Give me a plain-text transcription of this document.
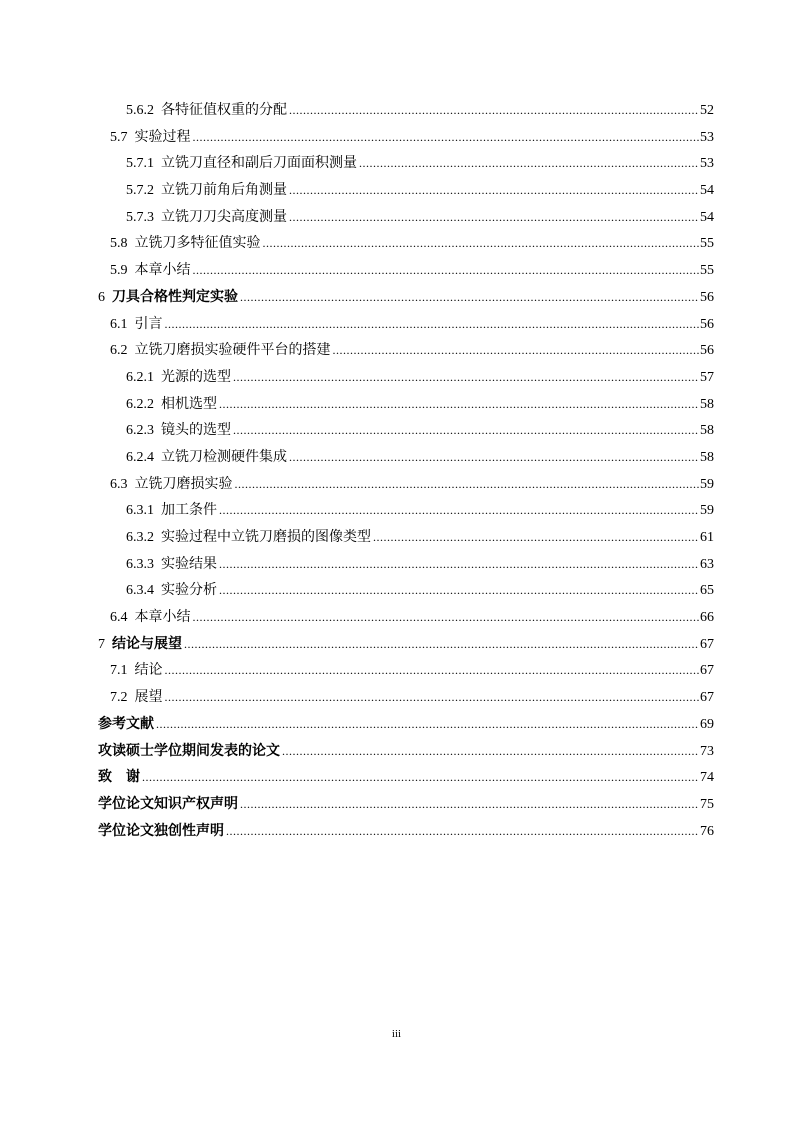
5.6.2 各特征值权重的分配 .....	52
5.7 实验过程 .....	53
5.7.1 立铣刀直径和副后刀面面积测量 .....	53
5.7.2 立铣刀前角后角测量 .....	54
5.7.3 立铣刀刀尖高度测量 .....	54
5.8 立铣刀多特征值实验 .....	55
5.9 本章小结 .....	55
6 刀具合格性判定实验 .....	56
6.1 引言 .....	56
6.2 立铣刀磨损实验硬件平台的搭建 .....	56
6.2.1 光源的选型 .....	57
6.2.2 相机选型 .....	58
6.2.3 镜头的选型 .....	58
6.2.4 立铣刀检测硬件集成 .....	58
6.3 立铣刀磨损实验 .....	59
6.3.1 加工条件 .....	59
6.3.2 实验过程中立铣刀磨损的图像类型 .....	61
6.3.3 实验结果 .....	63
6.3.4 实验分析 .....	65
6.4 本章小结 .....	66
7 结论与展望 .....	67
7.1 结论 .....	67
7.2 展望 .....	67
参考文献 .....	69
攻读硕士学位期间发表的论文 .....	73
致　谢 .....	74
学位论文知识产权声明 .....	75
学位论文独创性声明 .....	76
iii
